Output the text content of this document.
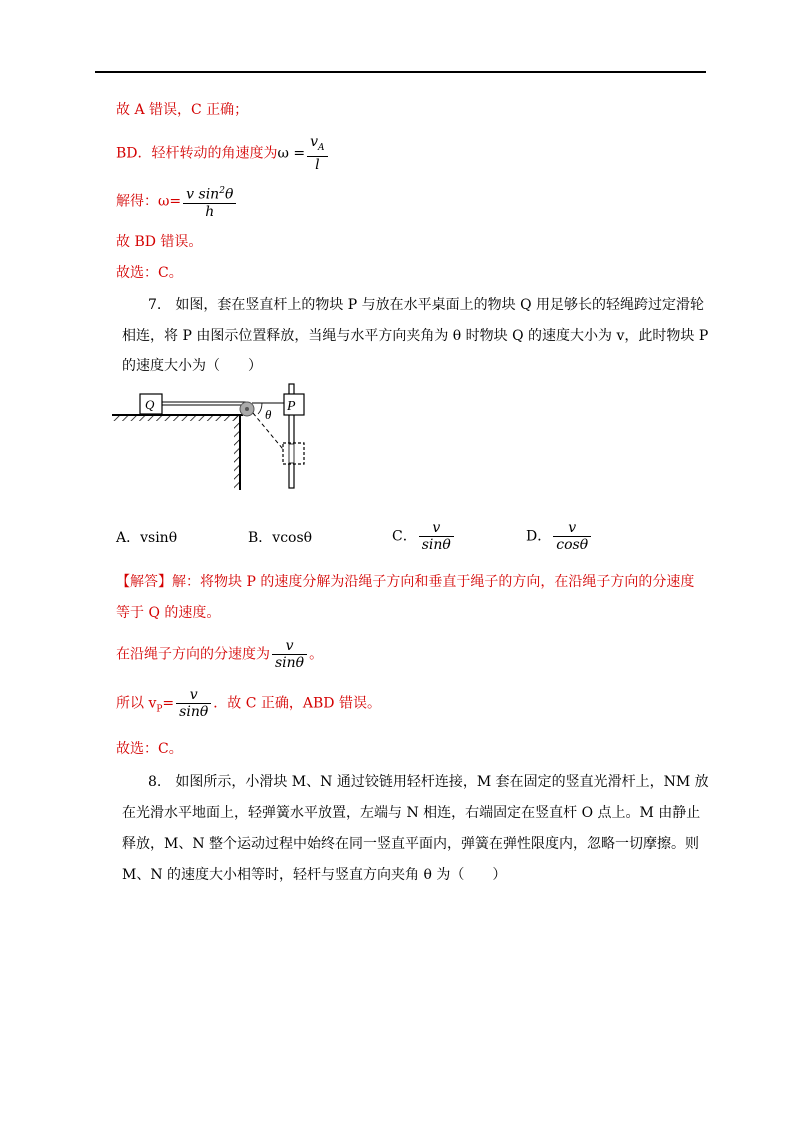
故 A 错误，C 正确；
BD．轻杆转动的角速度为$\omega = \frac{v_A}{l}$
解得：$\omega= \frac{v \sin^2\theta}{h}$
故 BD 错误。
故选：C。
7.　如图，套在竖直杆上的物块 P 与放在水平桌面上的物块 Q 用足够长的轻绳跨过定滑轮
相连，将 P 由图示位置释放，当绳与水平方向夹角为 θ 时物块 Q 的速度大小为 v，此时物块 P
的速度大小为（　　）
Q
θ
P
A．vsinθ	B．vcosθ	C． $\frac{v}{\sin\theta}$	D． $\frac{v}{\cos\theta}$
【解答】解：将物块 P 的速度分解为沿绳子方向和垂直于绳子的方向，在沿绳子方向的分速度
等于 Q 的速度。
在沿绳子方向的分速度为 $\frac{v}{\sin\theta}$ 。
所以 $v_P= \frac{v}{\sin\theta}$ ．故 C 正确，ABD 错误。
故选：C。
8.　如图所示，小滑块 M、N 通过铰链用轻杆连接，M 套在固定的竖直光滑杆上，NM 放
在光滑水平地面上，轻弹簧水平放置，左端与 N 相连，右端固定在竖直杆 O 点上。M 由静止
释放，M、N 整个运动过程中始终在同一竖直平面内，弹簧在弹性限度内，忽略一切摩擦。则
M、N 的速度大小相等时，轻杆与竖直方向夹角 θ 为（　　）
